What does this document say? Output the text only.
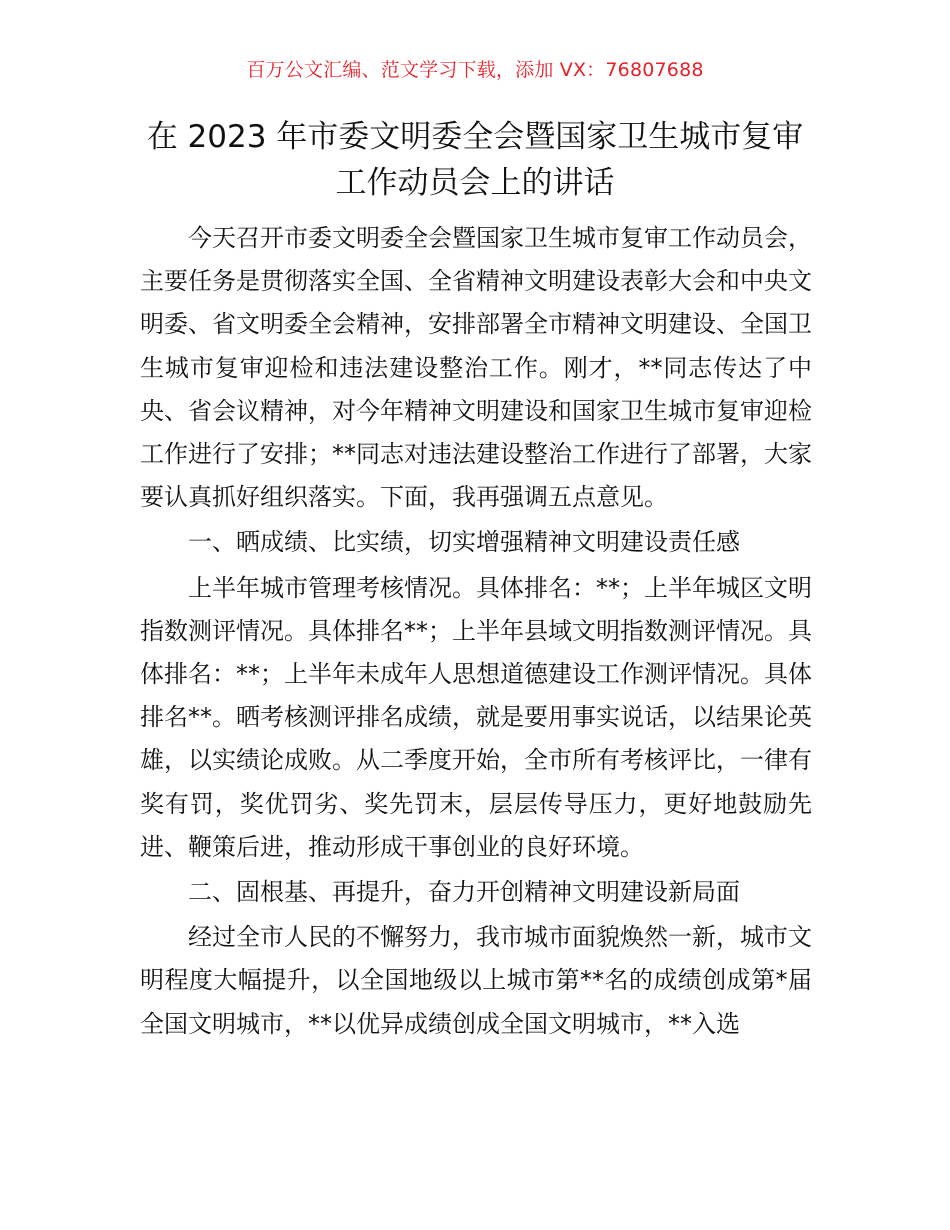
百万公文汇编、范文学习下载，添加 VX：76807688
在 2023 年市委文明委全会暨国家卫生城市复审
工作动员会上的讲话

今天召开市委文明委全会暨国家卫生城市复审工作动员会，主要任务是贯彻落实全国、全省精神文明建设表彰大会和中央文明委、省文明委全会精神，安排部署全市精神文明建设、全国卫生城市复审迎检和违法建设整治工作。刚才，**同志传达了中央、省会议精神，对今年精神文明建设和国家卫生城市复审迎检工作进行了安排；**同志对违法建设整治工作进行了部署，大家要认真抓好组织落实。下面，我再强调五点意见。

一、晒成绩、比实绩，切实增强精神文明建设责任感

上半年城市管理考核情况。具体排名：**；上半年城区文明指数测评情况。具体排名**；上半年县域文明指数测评情况。具体排名：**；上半年未成年人思想道德建设工作测评情况。具体排名**。晒考核测评排名成绩，就是要用事实说话，以结果论英雄，以实绩论成败。从二季度开始，全市所有考核评比，一律有奖有罚，奖优罚劣、奖先罚末，层层传导压力，更好地鼓励先进、鞭策后进，推动形成干事创业的良好环境。

二、固根基、再提升，奋力开创精神文明建设新局面

经过全市人民的不懈努力，我市城市面貌焕然一新，城市文明程度大幅提升，以全国地级以上城市第**名的成绩创成第*届全国文明城市，**以优异成绩创成全国文明城市，**入选
